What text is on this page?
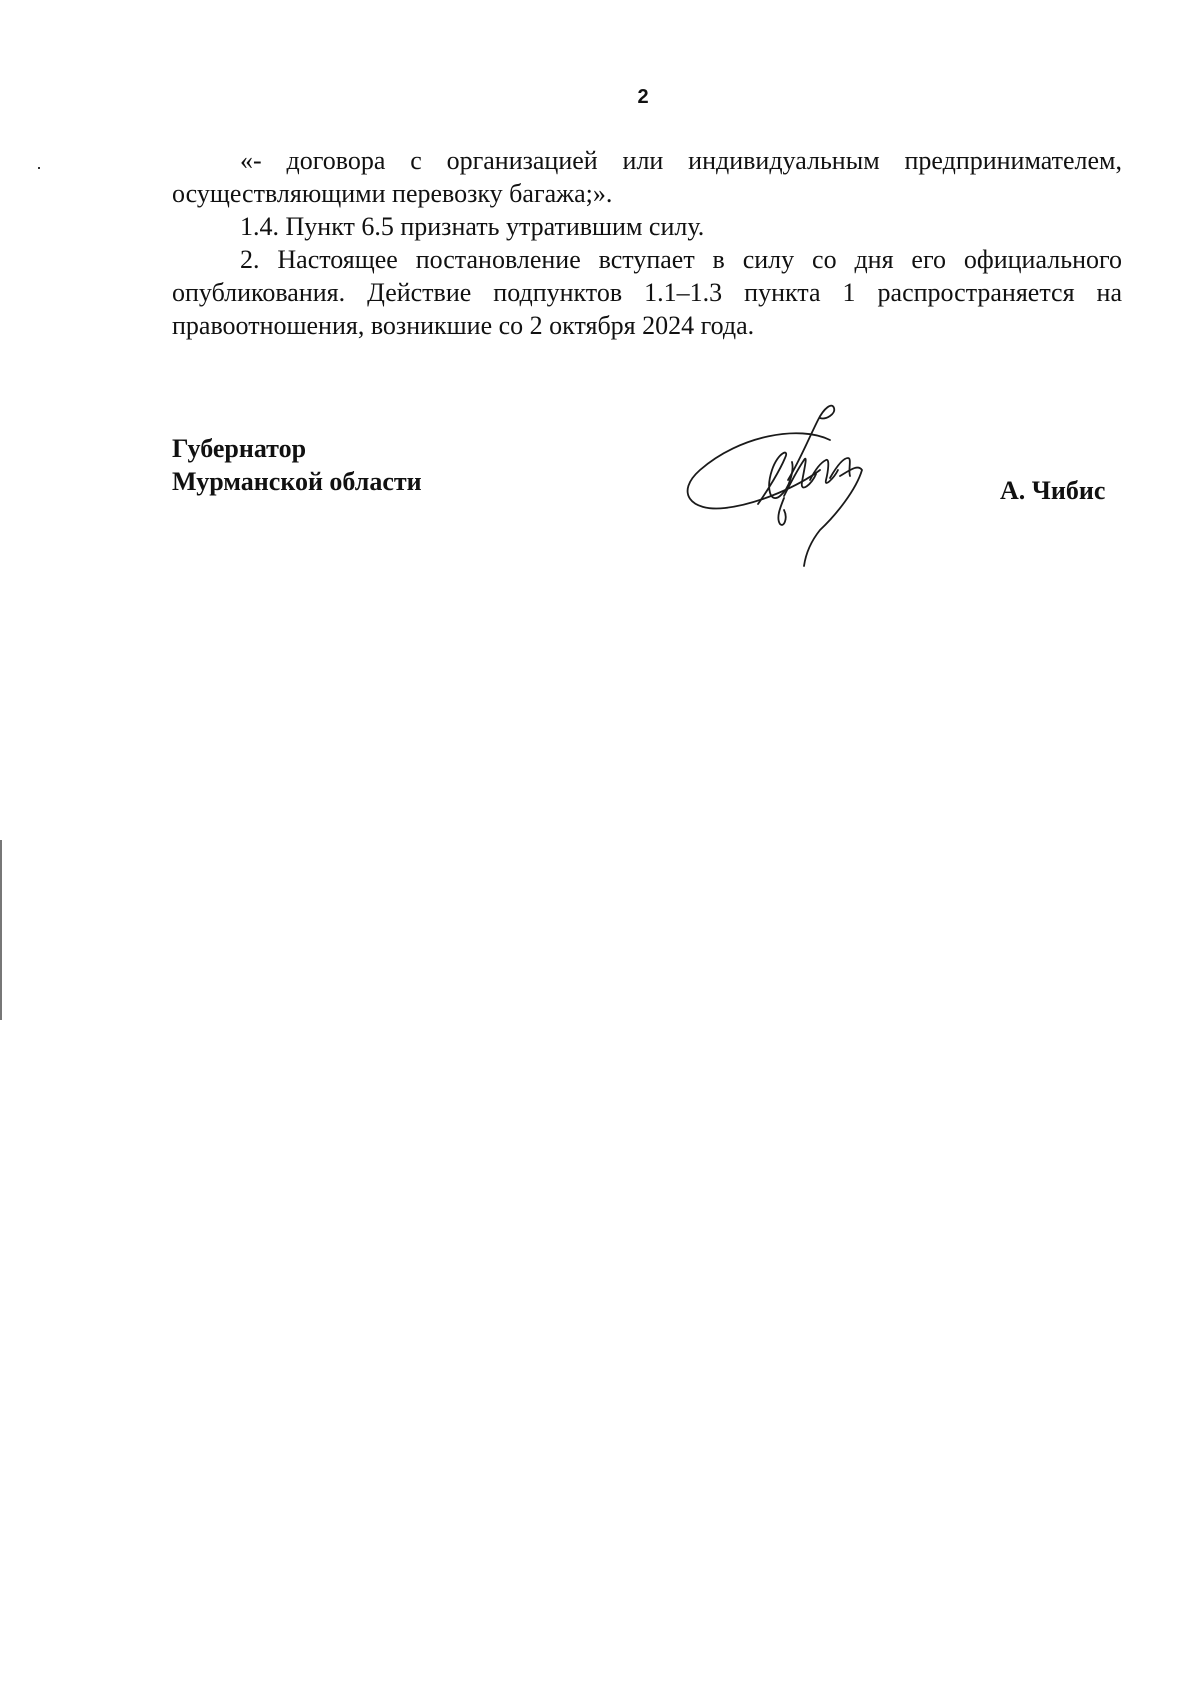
2

«- договора с организацией или индивидуальным предпринимателем, осуществляющими перевозку багажа;».

1.4. Пункт 6.5 признать утратившим силу.

2. Настоящее постановление вступает в силу со дня его официального опубликования. Действие подпунктов 1.1–1.3 пункта 1 распространяется на правоотношения, возникшие со 2 октября 2024 года.

Губернатор
Мурманской области	А. Чибис
